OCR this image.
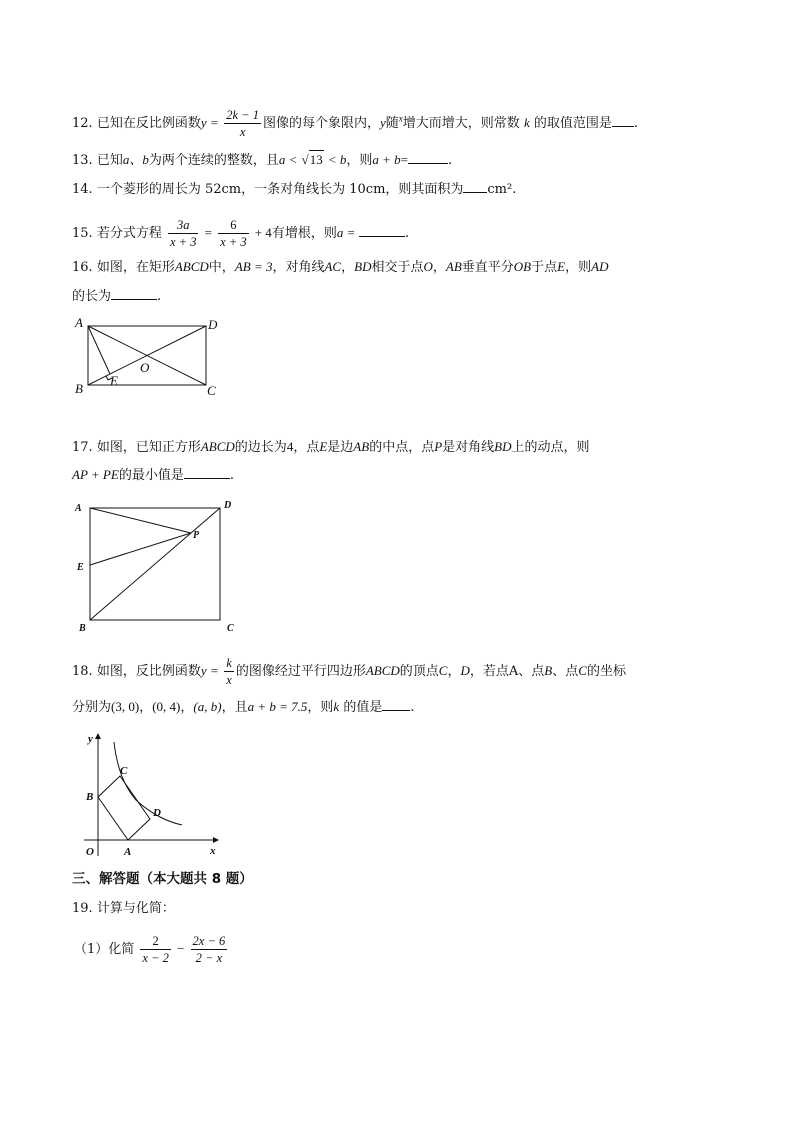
12. 已知在反比例函数$y = \frac{2k - 1}{x}$ 图像的每个象限内，y随$^x$增大而增大，则常数 k 的取值范围是 .
13. 已知a、b为两个连续的整数，且a < √13 < b，则a + b=	.
14. 一个菱形的周长为 52cm，一条对角线长为 10cm，则其面积为 cm².
15. 若分式方程 $\frac{3a}{x + 3} = \frac{6}{x + 3} + 4$有增根，则a =	.
16. 如图，在矩形ABCD中，AB = 3，对角线AC，BD相交于点O，AB垂直平分OB于点E，则AD
的长为	.
A	D
B
E
O
C
17. 如图，已知正方形ABCD的边长为4，点E是边AB的中点，点P是对角线BD上的动点，则
AP + PE的最小值是	.
A	D
P
E
B	C
18. 如图，反比例函数$y = \frac{k}{x}$ 的图像经过平行四边形ABCD的顶点C，D，若点A、点B、点C的坐标
分别为(3, 0)，(0, 4)，(a, b)，且a + b = 7.5，则k 的值是 .
y
x
O	A
B
C
D
三、解答题（本大题共 8 题）
19. 计算与化简：
（1）化简 $\frac{2}{x - 2} - \frac{2x - 6}{2 - x}$
